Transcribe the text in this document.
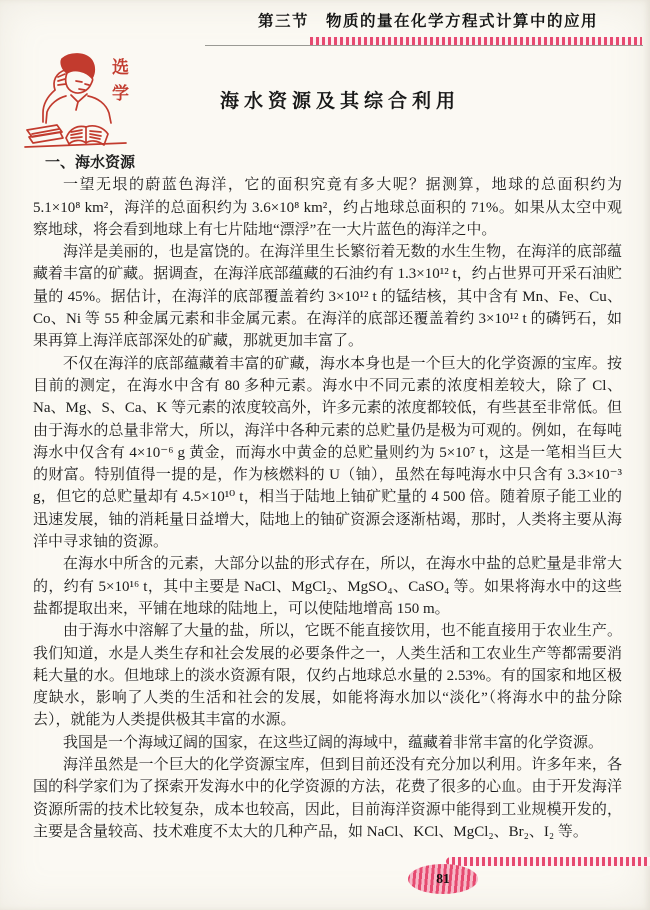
第三节　物质的量在化学方程式计算中的应用
选学	海水资源及其综合利用
一、海水资源

一望无垠的蔚蓝色海洋，它的面积究竟有多大呢？据测算，地球的总面积约为 5.1×10⁸ km²，海洋的总面积约为 3.6×10⁸ km²，约占地球总面积的 71%。如果从太空中观察地球，将会看到地球上有七片陆地“漂浮”在一大片蓝色的海洋之中。

海洋是美丽的，也是富饶的。在海洋里生长繁衍着无数的水生生物，在海洋的底部蕴藏着丰富的矿藏。据调查，在海洋底部蕴藏的石油约有 1.3×10¹² t，约占世界可开采石油贮量的 45%。据估计，在海洋的底部覆盖着约 3×10¹² t 的锰结核，其中含有 Mn、Fe、Cu、Co、Ni 等 55 种金属元素和非金属元素。在海洋的底部还覆盖着约 3×10¹² t 的磷钙石，如果再算上海洋底部深处的矿藏，那就更加丰富了。

不仅在海洋的底部蕴藏着丰富的矿藏，海水本身也是一个巨大的化学资源的宝库。按目前的测定，在海水中含有 80 多种元素。海水中不同元素的浓度相差较大，除了 Cl、Na、Mg、S、Ca、K 等元素的浓度较高外，许多元素的浓度都较低，有些甚至非常低。但由于海水的总量非常大，所以，海洋中各种元素的总贮量仍是极为可观的。例如，在每吨海水中仅含有 4×10⁻⁶ g 黄金，而海水中黄金的总贮量则约为 5×10⁷ t，这是一笔相当巨大的财富。特别值得一提的是，作为核燃料的 U（铀），虽然在每吨海水中只含有 3.3×10⁻³ g，但它的总贮量却有 4.5×10¹⁰ t，相当于陆地上铀矿贮量的 4 500 倍。随着原子能工业的迅速发展，铀的消耗量日益增大，陆地上的铀矿资源会逐渐枯竭，那时，人类将主要从海洋中寻求铀的资源。

在海水中所含的元素，大部分以盐的形式存在，所以，在海水中盐的总贮量是非常大的，约有 5×10¹⁶ t，其中主要是 NaCl、MgCl₂、MgSO₄、CaSO₄ 等。如果将海水中的这些盐都提取出来，平铺在地球的陆地上，可以使陆地增高 150 m。

由于海水中溶解了大量的盐，所以，它既不能直接饮用，也不能直接用于农业生产。我们知道，水是人类生存和社会发展的必要条件之一，人类生活和工农业生产等都需要消耗大量的水。但地球上的淡水资源有限，仅约占地球总水量的 2.53%。有的国家和地区极度缺水，影响了人类的生活和社会的发展，如能将海水加以“淡化”（将海水中的盐分除去），就能为人类提供极其丰富的水源。

我国是一个海域辽阔的国家，在这些辽阔的海域中，蕴藏着非常丰富的化学资源。

海洋虽然是一个巨大的化学资源宝库，但到目前还没有充分加以利用。许多年来，各国的科学家们为了探索开发海水中的化学资源的方法，花费了很多的心血。由于开发海洋资源所需的技术比较复杂，成本也较高，因此，目前海洋资源中能得到工业规模开发的，主要是含量较高、技术难度不太大的几种产品，如 NaCl、KCl、MgCl₂、Br₂、I₂ 等。

81
